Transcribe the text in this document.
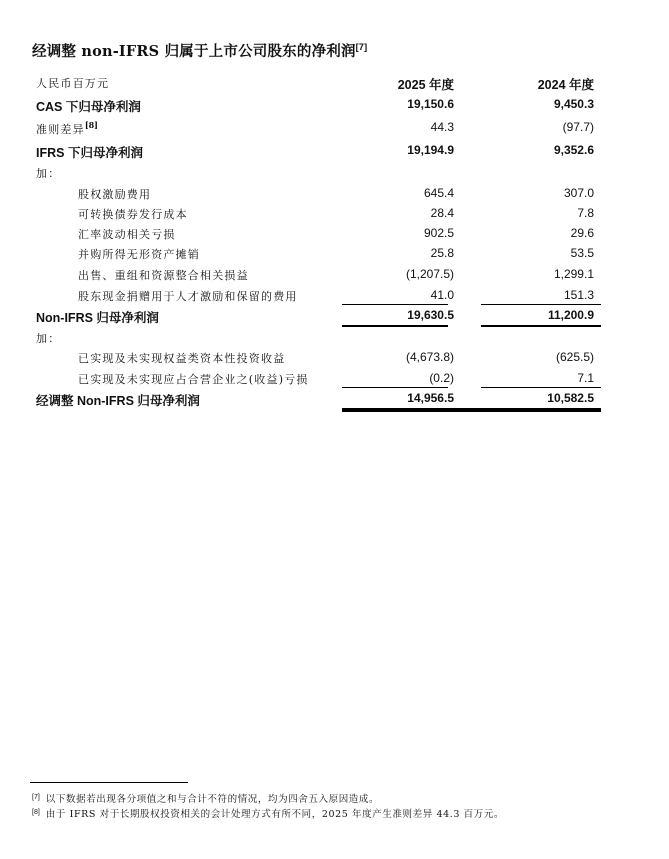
经调整 non-IFRS 归属于上市公司股东的净利润[7]
人民币百万元	2025 年度	2024 年度
CAS 下归母净利润	19,150.6	9,450.3
准则差异[8]	44.3	(97.7)
IFRS 下归母净利润	19,194.9	9,352.6
加：
股权激励费用	645.4	307.0
可转换债券发行成本	28.4	7.8
汇率波动相关亏损	902.5	29.6
并购所得无形资产摊销	25.8	53.5
出售、重组和资源整合相关损益	(1,207.5)	1,299.1
股东现金捐赠用于人才激励和保留的费用	41.0	151.3
Non-IFRS 归母净利润	19,630.5	11,200.9
加：
已实现及未实现权益类资本性投资收益	(4,673.8)	(625.5)
已实现及未实现应占合营企业之(收益)亏损	(0.2)	7.1
经调整 Non-IFRS 归母净利润	14,956.5	10,582.5
[7] 以下数据若出现各分项值之和与合计不符的情况，均为四舍五入原因造成。
[8] 由于 IFRS 对于长期股权投资相关的会计处理方式有所不同，2025 年度产生准则差异 44.3 百万元。
